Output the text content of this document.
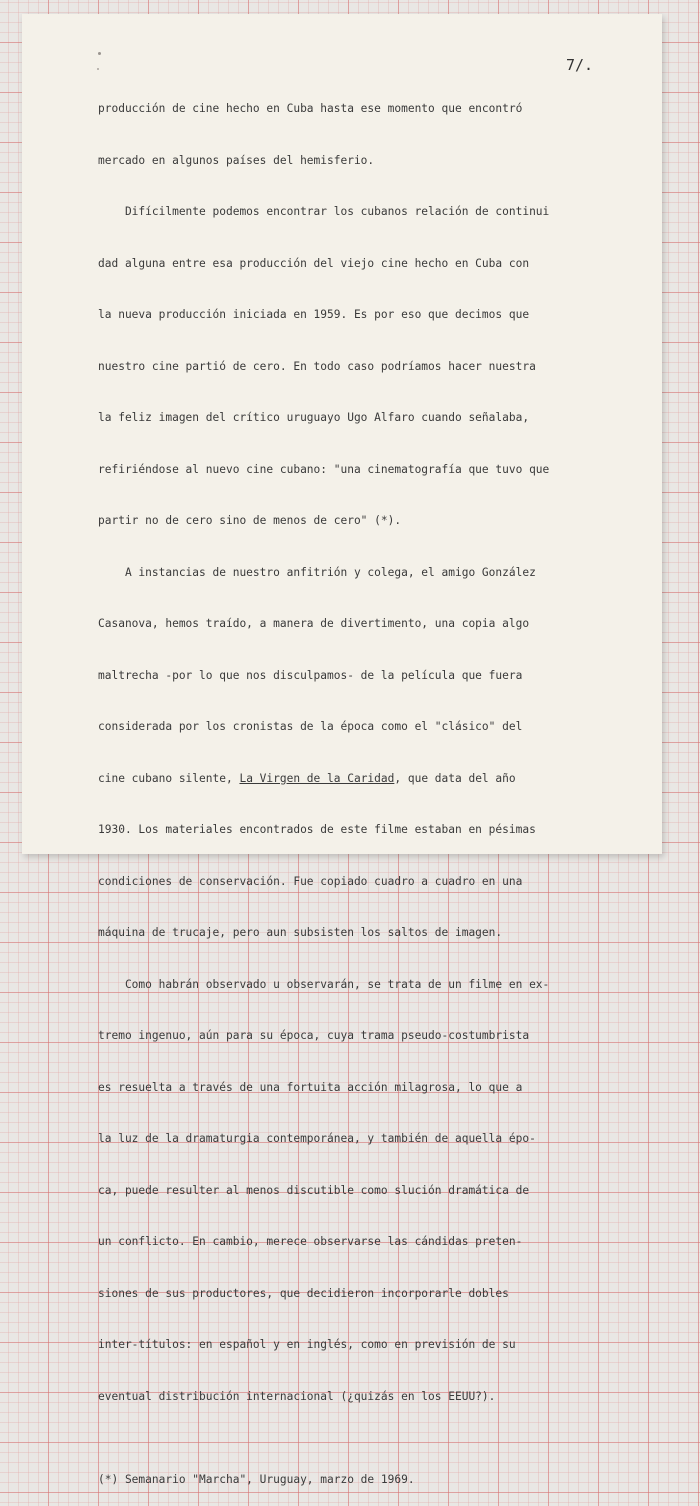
7/.

producción de cine hecho en Cuba hasta ese momento que encontró

mercado en algunos países del hemisferio.

Difícilmente podemos encontrar los cubanos relación de continui

dad alguna entre esa producción del viejo cine hecho en Cuba con

la nueva producción iniciada en 1959. Es por eso que decimos que

nuestro cine partió de cero. En todo caso podríamos hacer nuestra

la feliz imagen del crítico uruguayo Ugo Alfaro cuando señalaba,

refiriéndose al nuevo cine cubano: "una cinematografía que tuvo que

partir no de cero sino de menos de cero" (*).

A instancias de nuestro anfitrión y colega, el amigo González

Casanova, hemos traído, a manera de divertimento, una copia algo

maltrecha -por lo que nos disculpamos- de la película que fuera

considerada por los cronistas de la época como el "clásico" del

cine cubano silente, La Virgen de la Caridad, que data del año

1930. Los materiales encontrados de este filme estaban en pésimas

condiciones de conservación. Fue copiado cuadro a cuadro en una

máquina de trucaje, pero aun subsisten los saltos de imagen.

Como habrán observado u observarán, se trata de un filme en ex-

tremo ingenuo, aún para su época, cuya trama pseudo-costumbrista

es resuelta a través de una fortuita acción milagrosa, lo que a

la luz de la dramaturgia contemporánea, y también de aquella épo-

ca, puede resulter al menos discutible como slución dramática de

un conflicto. En cambio, merece observarse las cándidas preten-

siones de sus productores, que decidieron incorporarle dobles

inter-títulos: en español y en inglés, como en previsión de su

eventual distribución internacional (¿quizás en los EEUU?).

(*) Semanario "Marcha", Uruguay, marzo de 1969.
